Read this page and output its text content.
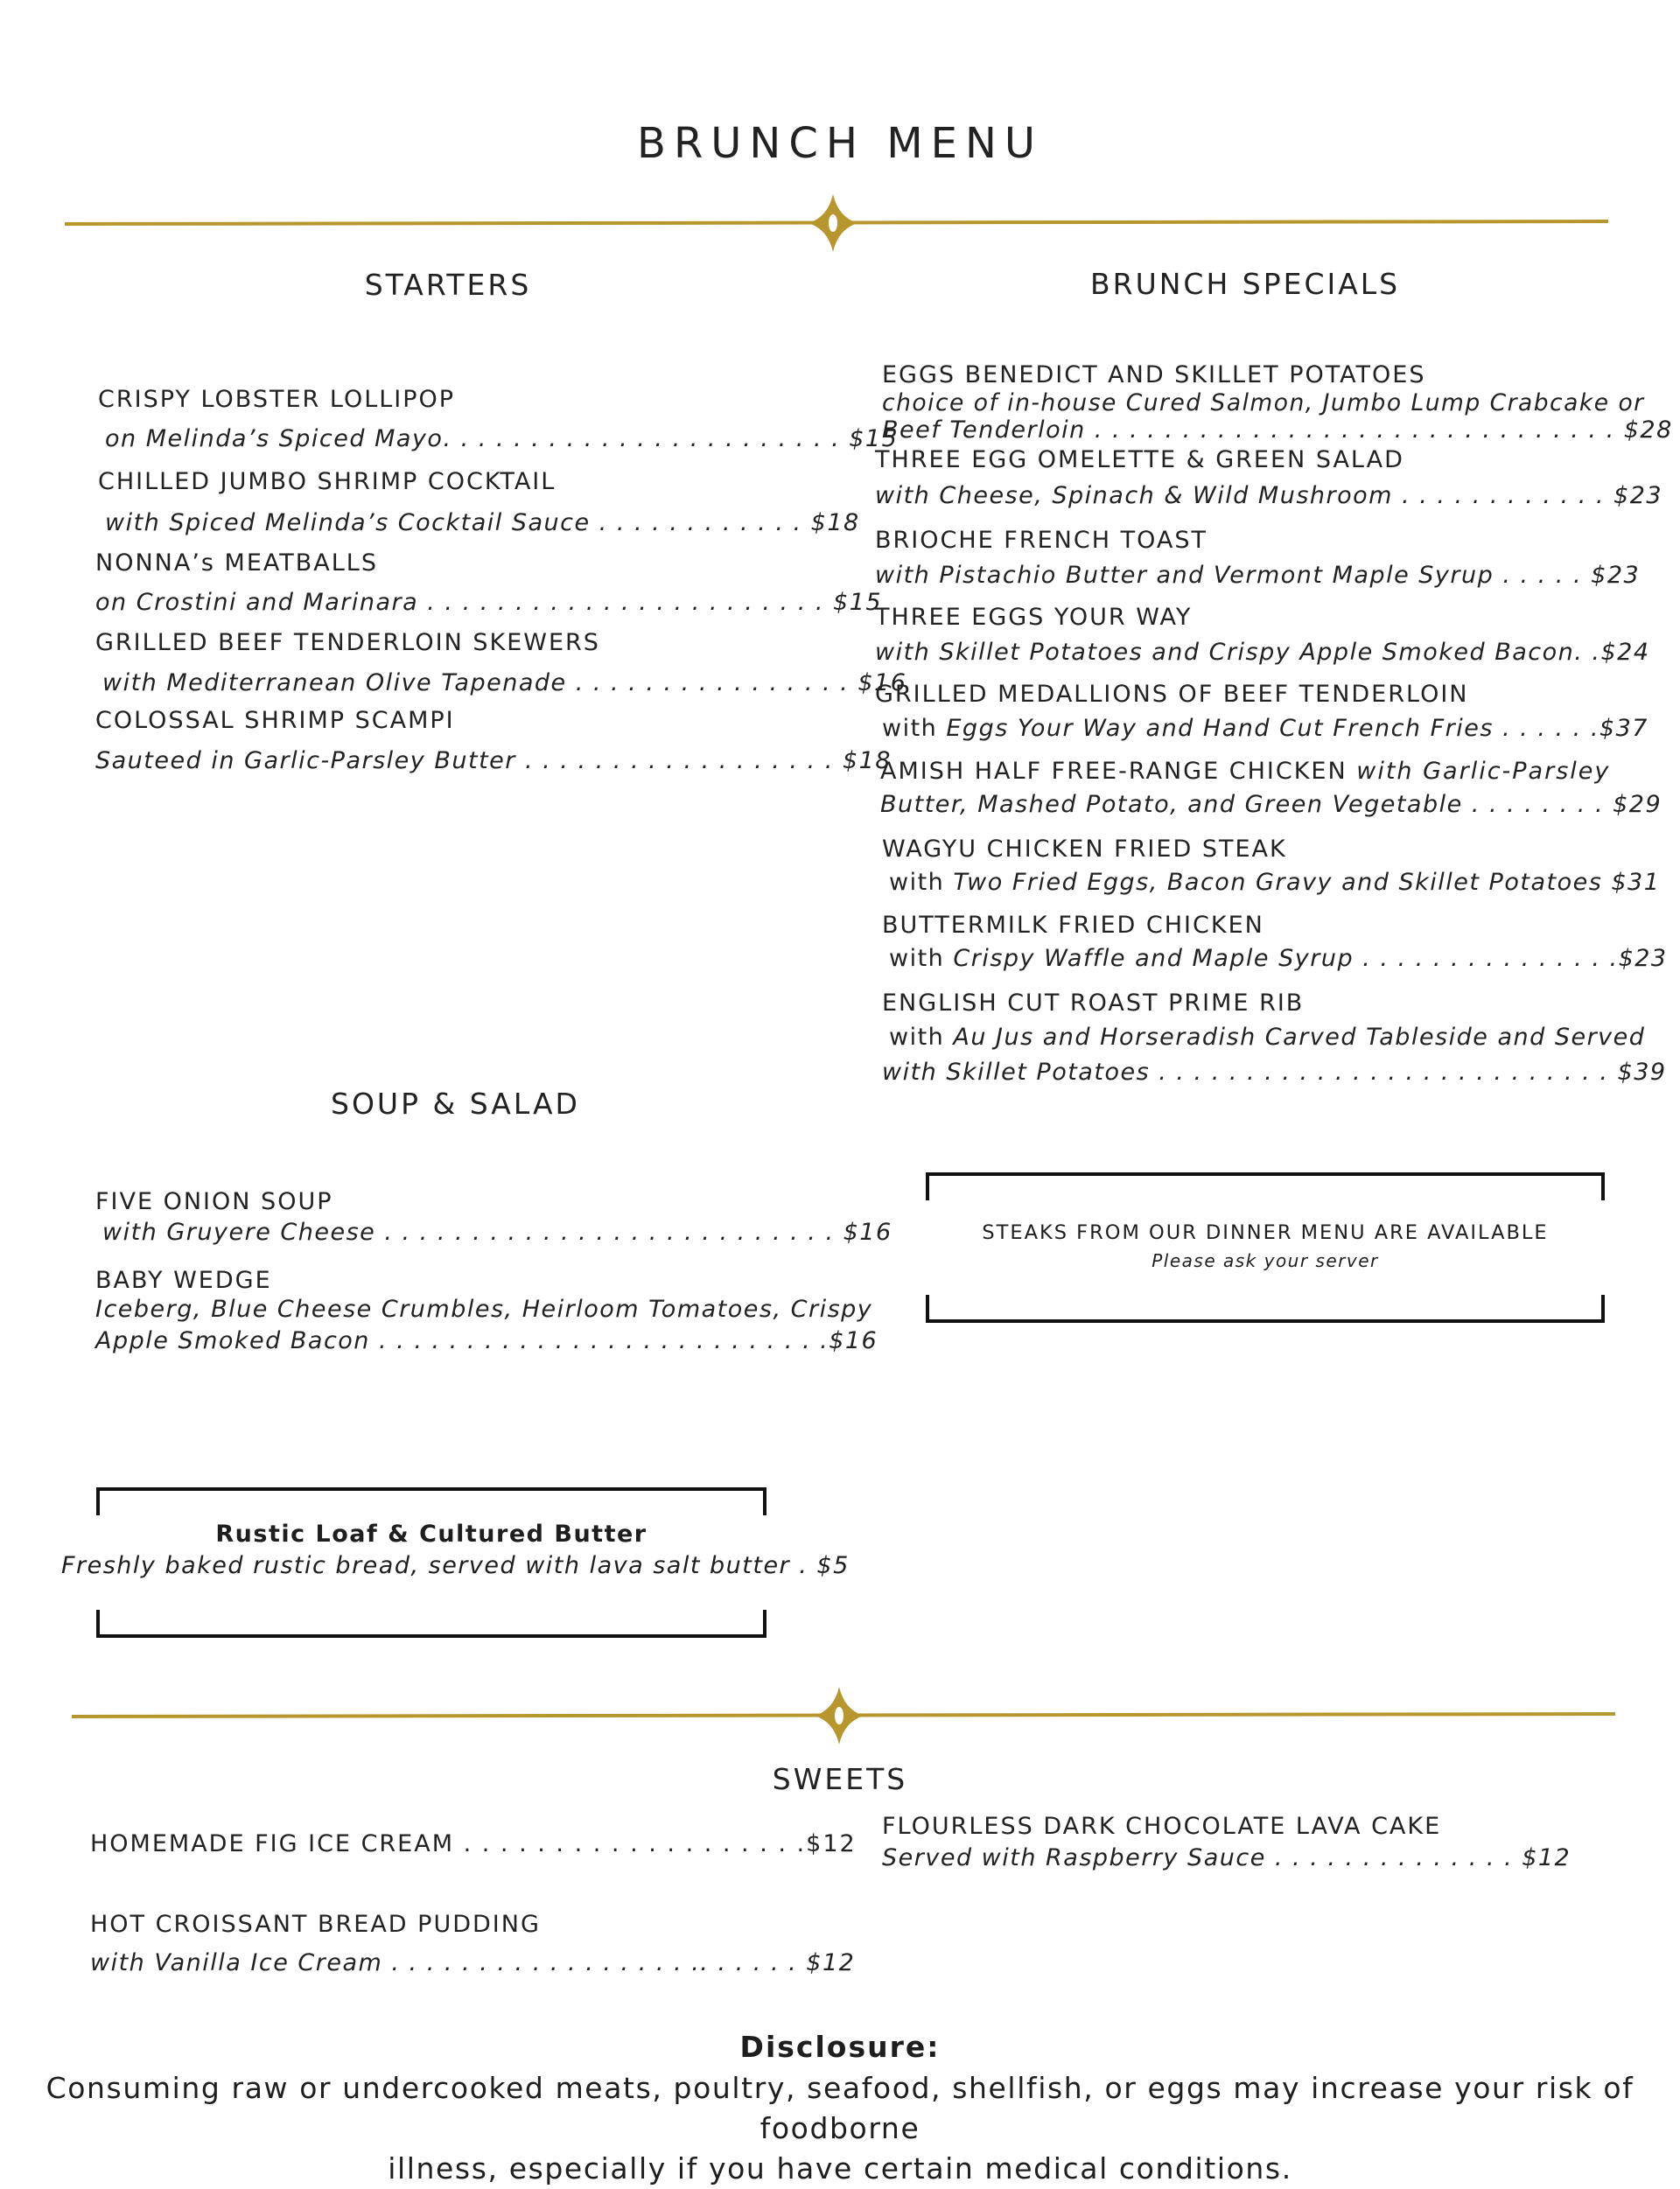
BRUNCH MENU
STARTERS
CRISPY LOBSTER LOLLIPOP
on Melinda’s Spiced Mayo. . . . . . . . . . . . . . . . . . . . . . . $15
CHILLED JUMBO SHRIMP COCKTAIL
with Spiced Melinda’s Cocktail Sauce . . . . . . . . . . . . $18
NONNA’s MEATBALLS
on Crostini and Marinara . . . . . . . . . . . . . . . . . . . . . . . $15
GRILLED BEEF TENDERLOIN SKEWERS
with Mediterranean Olive Tapenade . . . . . . . . . . . . . . . . $16
COLOSSAL SHRIMP SCAMPI
Sauteed in Garlic-Parsley Butter . . . . . . . . . . . . . . . . . . $18
BRUNCH SPECIALS
EGGS BENEDICT AND SKILLET POTATOES
choice of in-house Cured Salmon, Jumbo Lump Crabcake or
Beef Tenderloin . . . . . . . . . . . . . . . . . . . . . . . . . . . . . . $28
THREE EGG OMELETTE & GREEN SALAD
with Cheese, Spinach & Wild Mushroom . . . . . . . . . . . . $23
BRIOCHE FRENCH TOAST
with Pistachio Butter and Vermont Maple Syrup . . . . . $23
THREE EGGS YOUR WAY
with Skillet Potatoes and Crispy Apple Smoked Bacon. .$24
GRILLED MEDALLIONS OF BEEF TENDERLOIN
with Eggs Your Way and Hand Cut French Fries . . . . . .$37
AMISH HALF FREE-RANGE CHICKEN with Garlic-Parsley
Butter, Mashed Potato, and Green Vegetable . . . . . . . . $29
WAGYU CHICKEN FRIED STEAK
with Two Fried Eggs, Bacon Gravy and Skillet Potatoes $31
BUTTERMILK FRIED CHICKEN
with Crispy Waffle and Maple Syrup . . . . . . . . . . . . . . .$23
ENGLISH CUT ROAST PRIME RIB
with Au Jus and Horseradish Carved Tableside and Served
with Skillet Potatoes . . . . . . . . . . . . . . . . . . . . . . . . . . $39
SOUP & SALAD
FIVE ONION SOUP
with Gruyere Cheese . . . . . . . . . . . . . . . . . . . . . . . . . . $16
BABY WEDGE
Iceberg, Blue Cheese Crumbles, Heirloom Tomatoes, Crispy
Apple Smoked Bacon . . . . . . . . . . . . . . . . . . . . . . . . . .$16
STEAKS FROM OUR DINNER MENU ARE AVAILABLE
Please ask your server
Rustic Loaf & Cultured Butter
Freshly baked rustic bread, served with lava salt butter . $5
SWEETS
HOMEMADE FIG ICE CREAM . . . . . . . . . . . . . . . . . . .$12
HOT CROISSANT BREAD PUDDING
with Vanilla Ice Cream . . . . . . . . . . . . . . . . . .. . . . . . $12
FLOURLESS DARK CHOCOLATE LAVA CAKE
Served with Raspberry Sauce . . . . . . . . . . . . . . $12
Disclosure:
Consuming raw or undercooked meats, poultry, seafood, shellfish, or eggs may increase your risk of foodborne
illness, especially if you have certain medical conditions.
